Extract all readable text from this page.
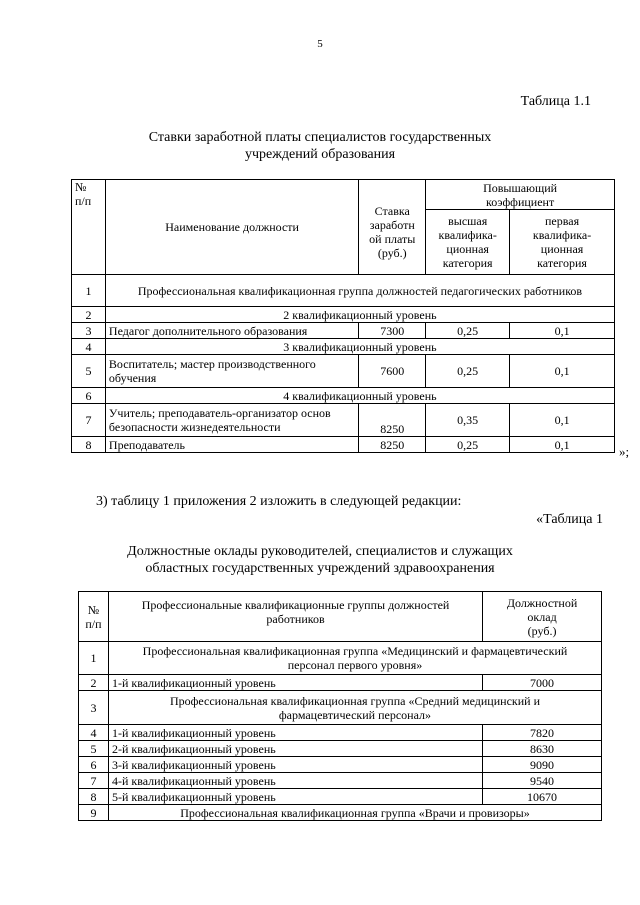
5
Таблица 1.1
Ставки заработной платы специалистов государственных
учреждений образования
№
п/п	Наименование должности	Ставка
заработн
ой платы
(руб.)	Повышающий
коэффициент	
			высшая
квалифика-
ционная
категория	первая
квалифика-
ционная
категория
1	Профессиональная квалификационная группа должностей педагогических работников			
2	2 квалификационный уровень			
3	Педагог дополнительного образования	7300	0,25	0,1
4	3 квалификационный уровень			
5	Воспитатель; мастер производственного обучения	7600	0,25	0,1
6	4 квалификационный уровень			
7	Учитель; преподаватель-организатор основ безопасности жизнедеятельности	8250	0,35	0,1
8	Преподаватель	8250	0,25	0,1	»;
3) таблицу 1 приложения 2 изложить в следующей редакции:
«Таблица 1
Должностные оклады руководителей, специалистов и служащих
областных государственных учреждений здравоохранения
№
п/п	Профессиональные квалификационные группы должностей
работников	Должностной
оклад
(руб.)
1	Профессиональная квалификационная группа «Медицинский и фармацевтический персонал первого уровня»	
2	1-й квалификационный уровень	7000
3	Профессиональная квалификационная группа «Средний медицинский и фармацевтический персонал»	
4	1-й квалификационный уровень	7820
5	2-й квалификационный уровень	8630
6	3-й квалификационный уровень	9090
7	4-й квалификационный уровень	9540
8	5-й квалификационный уровень	10670
9	Профессиональная квалификационная группа «Врачи и провизоры»	
